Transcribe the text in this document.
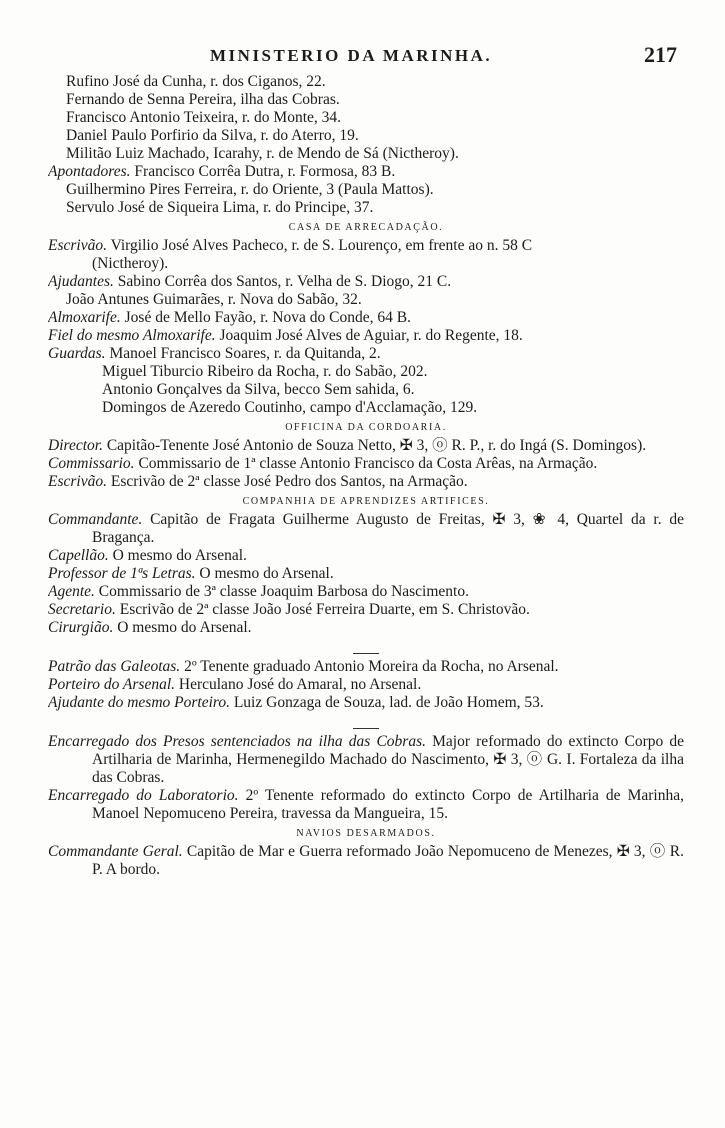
MINISTERIO DA MARINHA.	217
Rufino José da Cunha, r. dos Ciganos, 22.
Fernando de Senna Pereira, ilha das Cobras.
Francisco Antonio Teixeira, r. do Monte, 34.
Daniel Paulo Porfirio da Silva, r. do Aterro, 19.
Militão Luiz Machado, Icarahy, r. de Mendo de Sá (Nictheroy).
Apontadores. Francisco Corrêa Dutra, r. Formosa, 83 B.
Guilhermino Pires Ferreira, r. do Oriente, 3 (Paula Mattos).
Servulo José de Siqueira Lima, r. do Principe, 37.
CASA DE ARRECADAÇÃO.
Escrivão. Virgilio José Alves Pacheco, r. de S. Lourenço, em frente ao n. 58 C
(Nictheroy).
Ajudantes. Sabino Corrêa dos Santos, r. Velha de S. Diogo, 21 C.
João Antunes Guimarães, r. Nova do Sabão, 32.
Almoxarife. José de Mello Fayão, r. Nova do Conde, 64 B.
Fiel do mesmo Almoxarife. Joaquim José Alves de Aguiar, r. do Regente, 18.
Guardas. Manoel Francisco Soares, r. da Quitanda, 2.
Miguel Tiburcio Ribeiro da Rocha, r. do Sabão, 202.
Antonio Gonçalves da Silva, becco Sem sahida, 6.
Domingos de Azeredo Coutinho, campo d'Acclamação, 129.
OFFICINA DA CORDOARIA.
Director. Capitão-Tenente José Antonio de Souza Netto, ✠ 3, ⓞ R. P., r. do Ingá (S. Domingos).
Commissario. Commissario de 1ª classe Antonio Francisco da Costa Arêas, na Armação.
Escrivão. Escrivão de 2ª classe José Pedro dos Santos, na Armação.
COMPANHIA DE APRENDIZES ARTIFICES.
Commandante. Capitão de Fragata Guilherme Augusto de Freitas, ✠ 3, ❀ 4, Quartel da r. de Bragança.
Capellão. O mesmo do Arsenal.
Professor de 1ªs Letras. O mesmo do Arsenal.
Agente. Commissario de 3ª classe Joaquim Barbosa do Nascimento.
Secretario. Escrivão de 2ª classe João José Ferreira Duarte, em S. Christovão.
Cirurgião. O mesmo do Arsenal.
Patrão das Galeotas. 2º Tenente graduado Antonio Moreira da Rocha, no Arsenal.
Porteiro do Arsenal. Herculano José do Amaral, no Arsenal.
Ajudante do mesmo Porteiro. Luiz Gonzaga de Souza, lad. de João Homem, 53.
Encarregado dos Presos sentenciados na ilha das Cobras. Major reformado do extincto Corpo de Artilharia de Marinha, Hermenegildo Machado do Nascimento, ✠ 3, ⓞ G. I. Fortaleza da ilha das Cobras.
Encarregado do Laboratorio. 2º Tenente reformado do extincto Corpo de Artilharia de Marinha, Manoel Nepomuceno Pereira, travessa da Mangueira, 15.
NAVIOS DESARMADOS.
Commandante Geral. Capitão de Mar e Guerra reformado João Nepomuceno de Menezes, ✠ 3, ⓞ R. P. A bordo.
